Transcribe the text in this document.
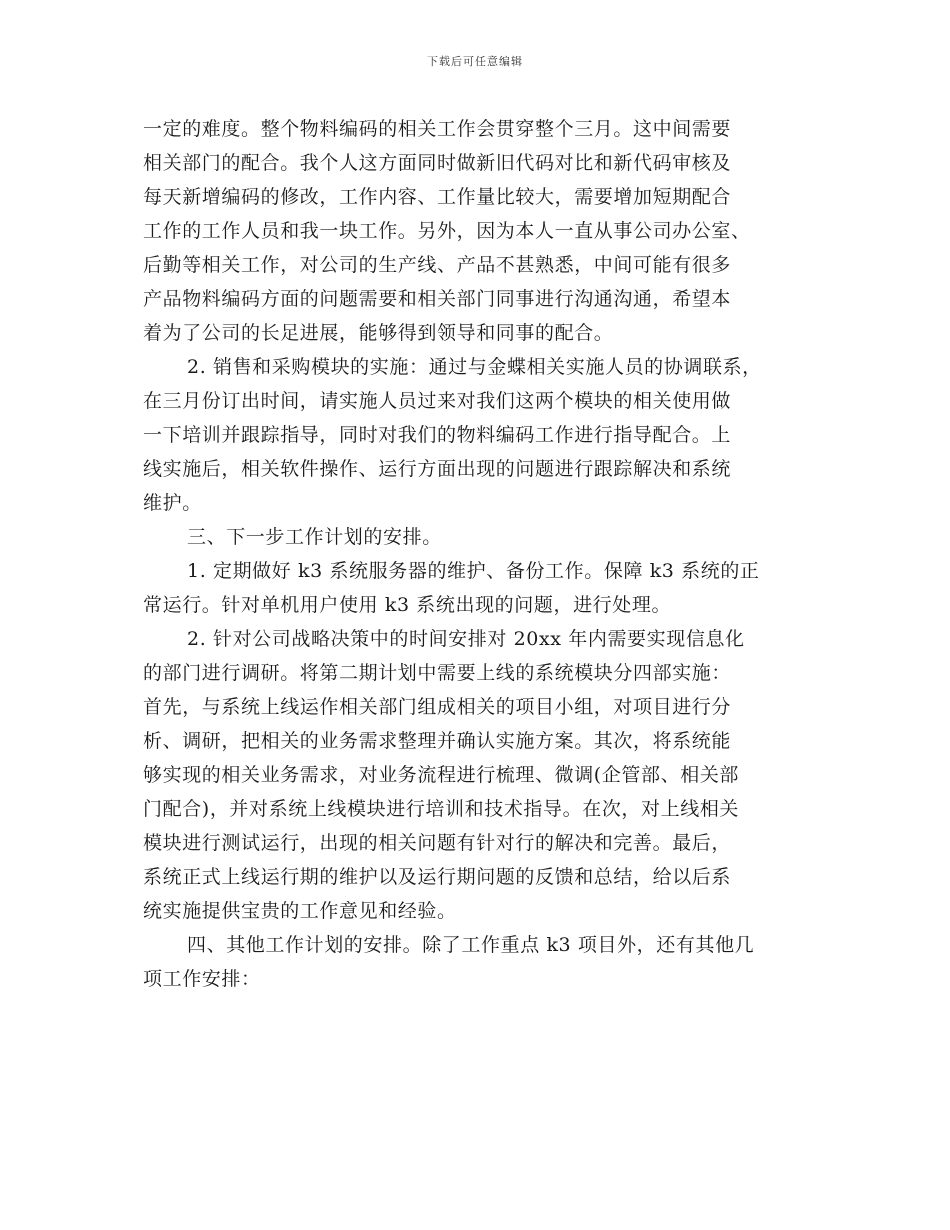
下载后可任意编辑
一定的难度。整个物料编码的相关工作会贯穿整个三月。这中间需要
相关部门的配合。我个人这方面同时做新旧代码对比和新代码审核及
每天新增编码的修改，工作内容、工作量比较大，需要增加短期配合
工作的工作人员和我一块工作。另外，因为本人一直从事公司办公室、
后勤等相关工作，对公司的生产线、产品不甚熟悉，中间可能有很多
产品物料编码方面的问题需要和相关部门同事进行沟通沟通，希望本
着为了公司的长足进展，能够得到领导和同事的配合。
2. 销售和采购模块的实施：通过与金蝶相关实施人员的协调联系，
在三月份订出时间，请实施人员过来对我们这两个模块的相关使用做
一下培训并跟踪指导，同时对我们的物料编码工作进行指导配合。上
线实施后，相关软件操作、运行方面出现的问题进行跟踪解决和系统
维护。
三、下一步工作计划的安排。
1. 定期做好 k3 系统服务器的维护、备份工作。保障 k3 系统的正
常运行。针对单机用户使用 k3 系统出现的问题，进行处理。
2. 针对公司战略决策中的时间安排对 20xx 年内需要实现信息化
的部门进行调研。将第二期计划中需要上线的系统模块分四部实施：
首先，与系统上线运作相关部门组成相关的项目小组，对项目进行分
析、调研，把相关的业务需求整理并确认实施方案。其次，将系统能
够实现的相关业务需求，对业务流程进行梳理、微调(企管部、相关部
门配合)，并对系统上线模块进行培训和技术指导。在次，对上线相关
模块进行测试运行，出现的相关问题有针对行的解决和完善。最后，
系统正式上线运行期的维护以及运行期问题的反馈和总结，给以后系
统实施提供宝贵的工作意见和经验。
四、其他工作计划的安排。除了工作重点 k3 项目外，还有其他几
项工作安排：
